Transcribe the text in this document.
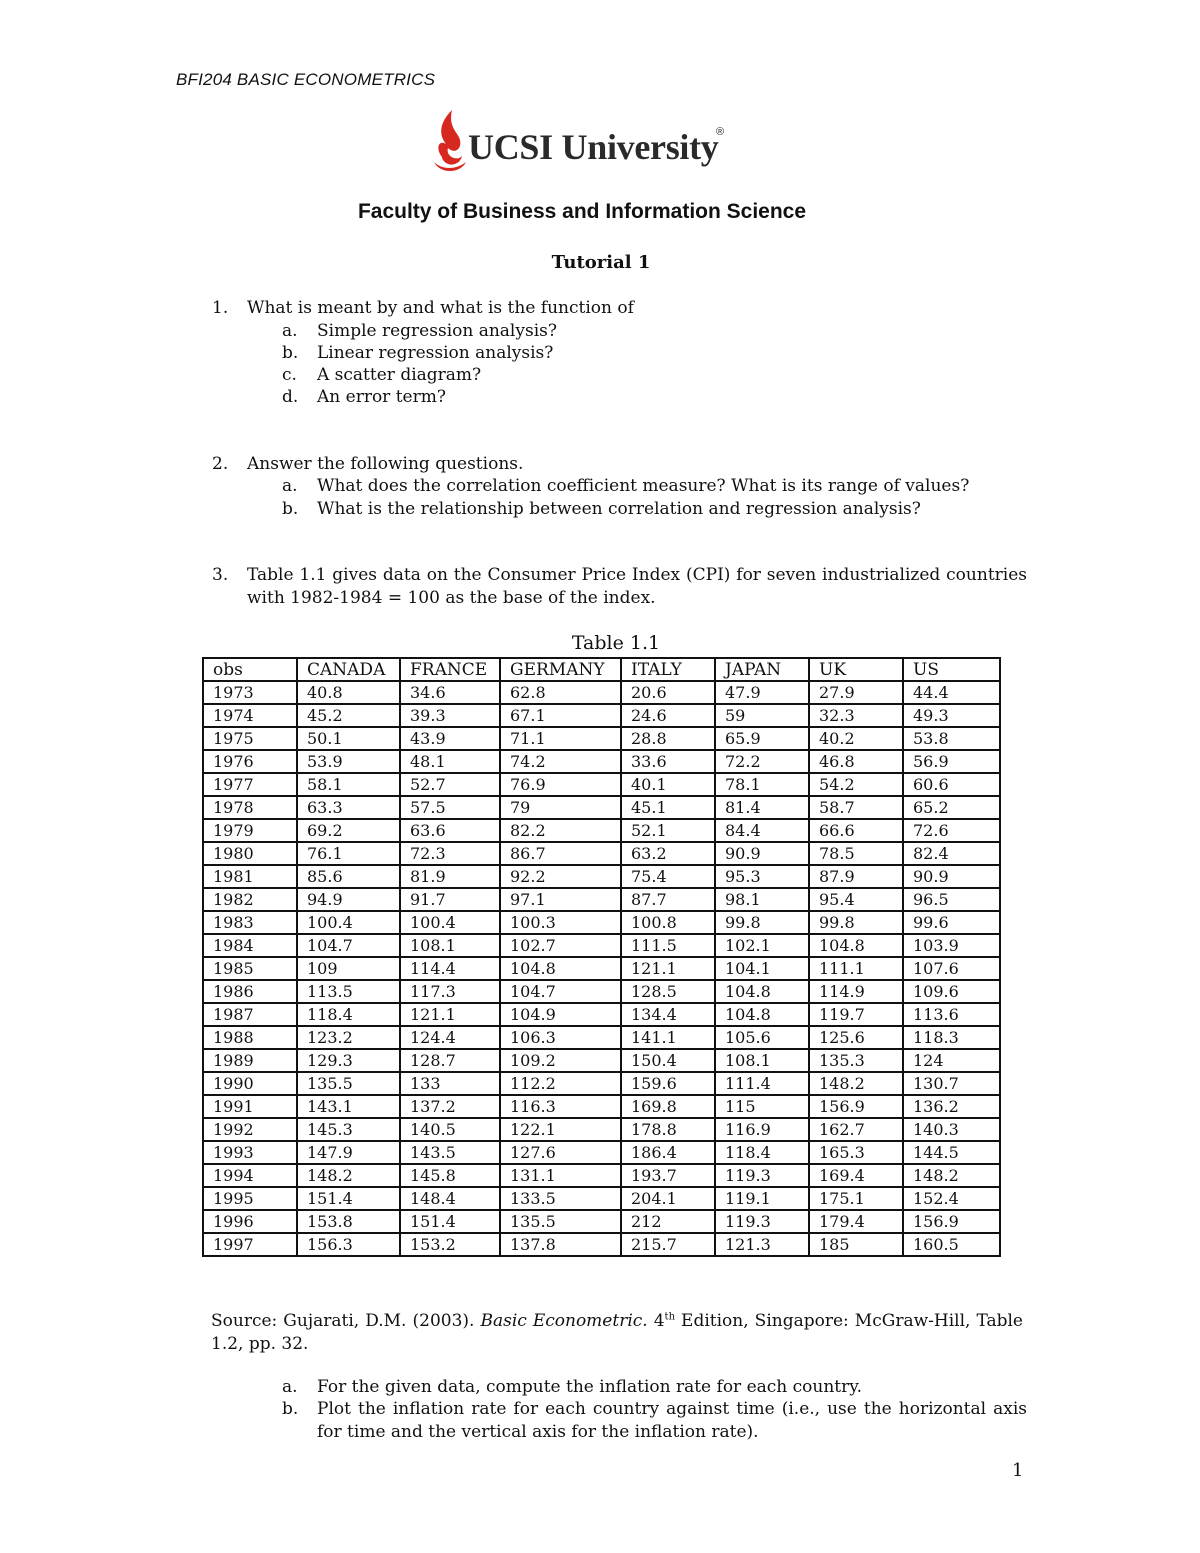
BFI204 BASIC ECONOMETRICS
UCSI University
®
Faculty of Business and Information Science
Tutorial 1
1.	What is meant by and what is the function of
a. Simple regression analysis?
b. Linear regression analysis?
c. A scatter diagram?
d. An error term?
2.	Answer the following questions.
a. What does the correlation coefficient measure? What is its range of values?
b. What is the relationship between correlation and regression analysis?
3.	Table 1.1 gives data on the Consumer Price Index (CPI) for seven industrialized countries with 1982-1984 = 100 as the base of the index.
Table 1.1
obs	CANADA	FRANCE	GERMANY	ITALY	JAPAN	UK	US
1973	40.8	34.6	62.8	20.6	47.9	27.9	44.4
1974	45.2	39.3	67.1	24.6	59	32.3	49.3
1975	50.1	43.9	71.1	28.8	65.9	40.2	53.8
1976	53.9	48.1	74.2	33.6	72.2	46.8	56.9
1977	58.1	52.7	76.9	40.1	78.1	54.2	60.6
1978	63.3	57.5	79	45.1	81.4	58.7	65.2
1979	69.2	63.6	82.2	52.1	84.4	66.6	72.6
1980	76.1	72.3	86.7	63.2	90.9	78.5	82.4
1981	85.6	81.9	92.2	75.4	95.3	87.9	90.9
1982	94.9	91.7	97.1	87.7	98.1	95.4	96.5
1983	100.4	100.4	100.3	100.8	99.8	99.8	99.6
1984	104.7	108.1	102.7	111.5	102.1	104.8	103.9
1985	109	114.4	104.8	121.1	104.1	111.1	107.6
1986	113.5	117.3	104.7	128.5	104.8	114.9	109.6
1987	118.4	121.1	104.9	134.4	104.8	119.7	113.6
1988	123.2	124.4	106.3	141.1	105.6	125.6	118.3
1989	129.3	128.7	109.2	150.4	108.1	135.3	124
1990	135.5	133	112.2	159.6	111.4	148.2	130.7
1991	143.1	137.2	116.3	169.8	115	156.9	136.2
1992	145.3	140.5	122.1	178.8	116.9	162.7	140.3
1993	147.9	143.5	127.6	186.4	118.4	165.3	144.5
1994	148.2	145.8	131.1	193.7	119.3	169.4	148.2
1995	151.4	148.4	133.5	204.1	119.1	175.1	152.4
1996	153.8	151.4	135.5	212	119.3	179.4	156.9
1997	156.3	153.2	137.8	215.7	121.3	185	160.5
Source: Gujarati, D.M. (2003). Basic Econometric. 4th Edition, Singapore: McGraw-Hill, Table 1.2, pp. 32.
a. For the given data, compute the inflation rate for each country.
b. Plot the inflation rate for each country against time (i.e., use the horizontal axis for time and the vertical axis for the inflation rate).
1
